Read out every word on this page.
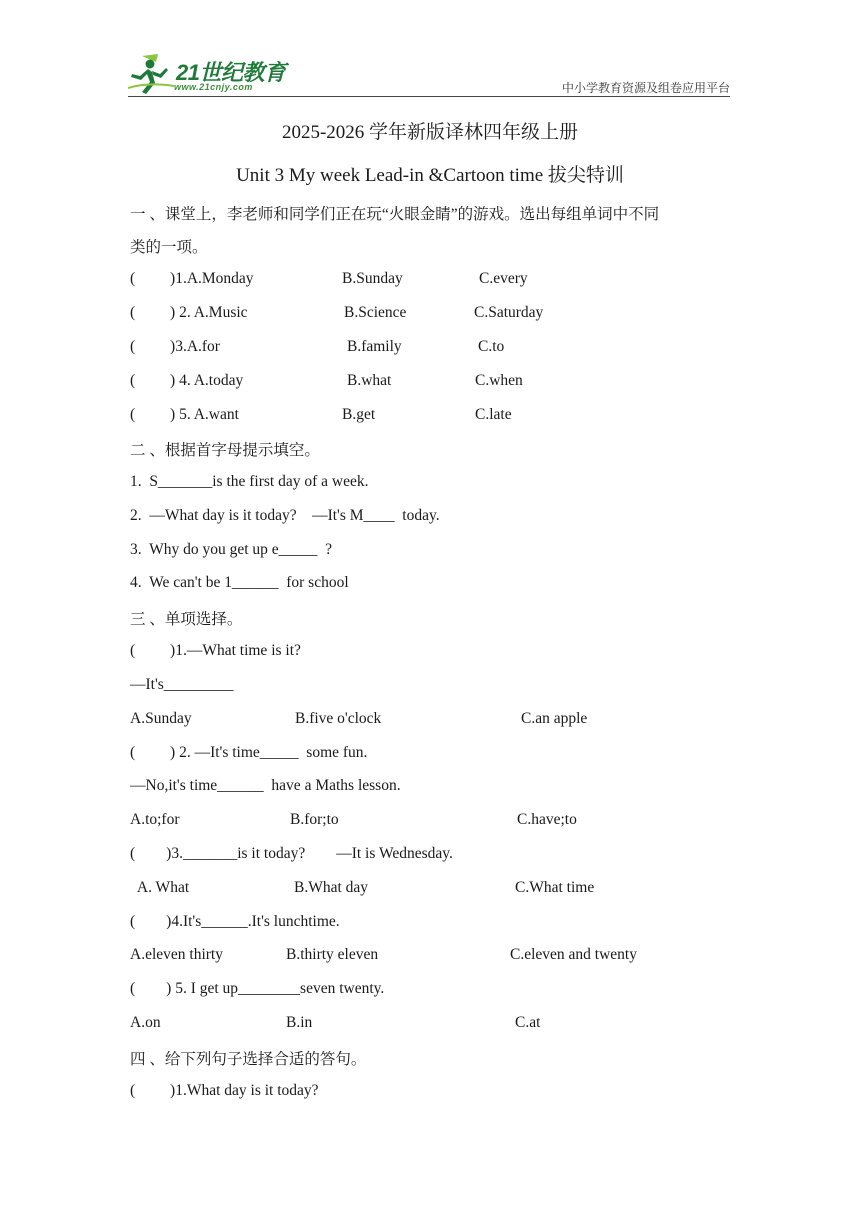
21世纪教育
www.21cnjy.com	中小学教育资源及组卷应用平台
2025-2026 学年新版译林四年级上册
Unit 3 My week Lead-in &Cartoon time 拔尖特训
一 、课堂上，李老师和同学们正在玩“火眼金睛”的游戏。选出每组单词中不同
类的一项。
(         )1.A.Monday	B.Sunday	C.every
(         ) 2. A.Music	B.Science	C.Saturday
(         )3.A.for	B.family	C.to
(         ) 4. A.today	B.what	C.when
(         ) 5. A.want	B.get	C.late
二 、根据首字母提示填空。
1.  S_______is the first day of a week.
2.  —What day is it today?    —It's M____  today.
3.  Why do you get up e_____  ?
4.  We can't be 1______  for school
三 、单项选择。
(         )1.—What time is it?
—It's_________
A.Sunday	B.five o'clock	C.an apple
(         ) 2. —It's time_____  some fun.
—No,it's time______  have a Maths lesson.
A.to;for	B.for;to	C.have;to
(        )3._______is it today?        —It is Wednesday.
A. What	B.What day	C.What time
(        )4.It's______.It's lunchtime.
A.eleven thirty	B.thirty eleven	C.eleven and twenty
(        ) 5. I get up________seven twenty.
A.on	B.in	C.at
四 、给下列句子选择合适的答句。
(         )1.What day is it today?
